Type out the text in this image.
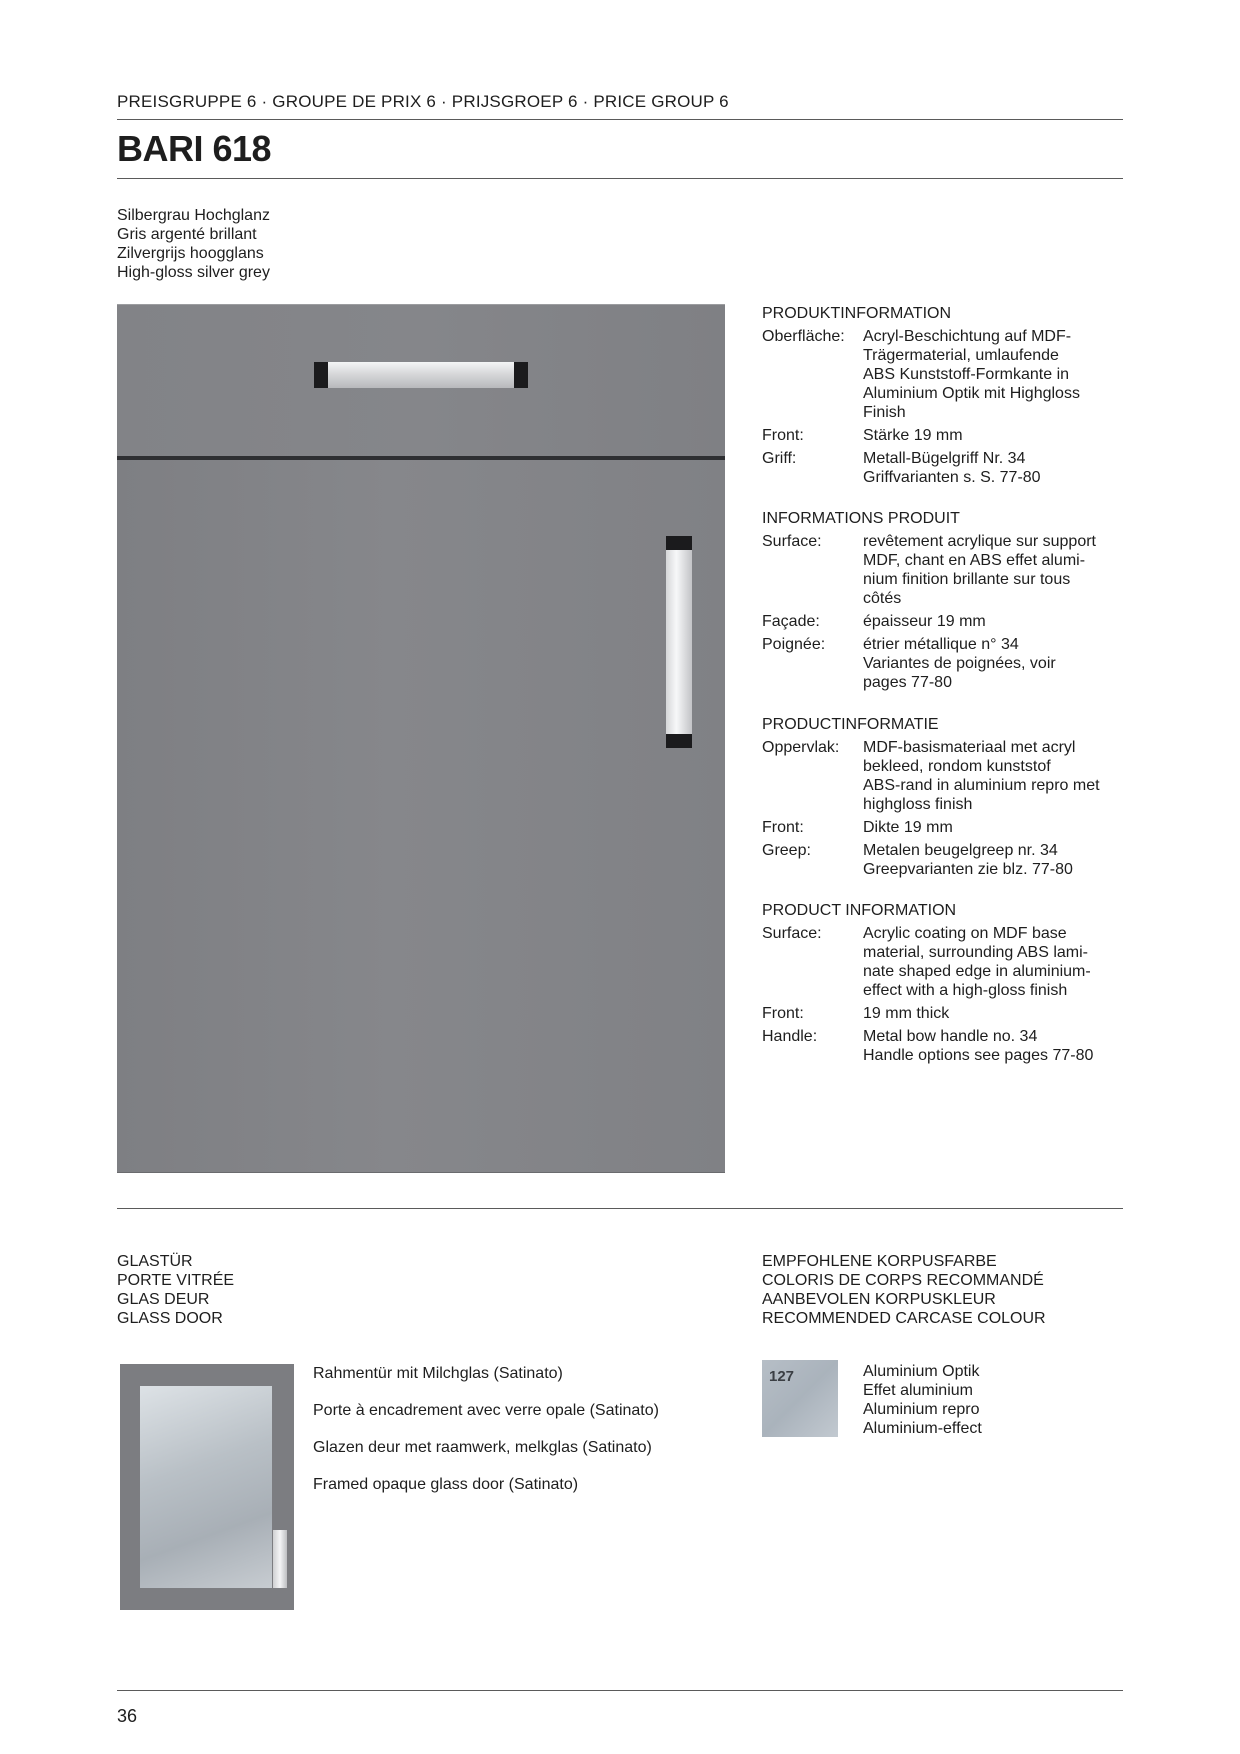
PREISGRUPPE 6 · GROUPE DE PRIX 6 · PRIJSGROEP 6 · PRICE GROUP 6
BARI 618
Silbergrau Hochglanz
Gris argenté brillant
Zilvergrijs hoogglans
High-gloss silver grey
PRODUKTINFORMATION
Oberfläche:	Acryl-Beschichtung auf MDF-
Trägermaterial, umlaufende
ABS Kunststoff-Formkante in
Aluminium Optik mit Highgloss
Finish
Front:	Stärke 19 mm
Griff:	Metall-Bügelgriff Nr. 34
Griffvarianten s. S. 77-80
INFORMATIONS PRODUIT
Surface:	revêtement acrylique sur support
MDF, chant en ABS effet alumi-
nium finition brillante sur tous
côtés
Façade:	épaisseur 19 mm
Poignée:	étrier métallique n° 34
Variantes de poignées, voir
pages 77-80
PRODUCTINFORMATIE
Oppervlak:	MDF-basismateriaal met acryl
bekleed, rondom kunststof
ABS-rand in aluminium repro met
highgloss finish
Front:	Dikte 19 mm
Greep:	Metalen beugelgreep nr. 34
Greepvarianten zie blz. 77-80
PRODUCT INFORMATION
Surface:	Acrylic coating on MDF base
material, surrounding ABS lami-
nate shaped edge in aluminium-
effect with a high-gloss finish
Front:	19 mm thick
Handle:	Metal bow handle no. 34
Handle options see pages 77-80
GLASTÜR
PORTE VITRÉE
GLAS DEUR
GLASS DOOR
Rahmentür mit Milchglas (Satinato)
Porte à encadrement avec verre opale (Satinato)
Glazen deur met raamwerk, melkglas (Satinato)
Framed opaque glass door (Satinato)
EMPFOHLENE KORPUSFARBE
COLORIS DE CORPS RECOMMANDÉ
AANBEVOLEN KORPUSKLEUR
RECOMMENDED CARCASE COLOUR
127	Aluminium Optik
Effet aluminium
Aluminium repro
Aluminium-effect
36
